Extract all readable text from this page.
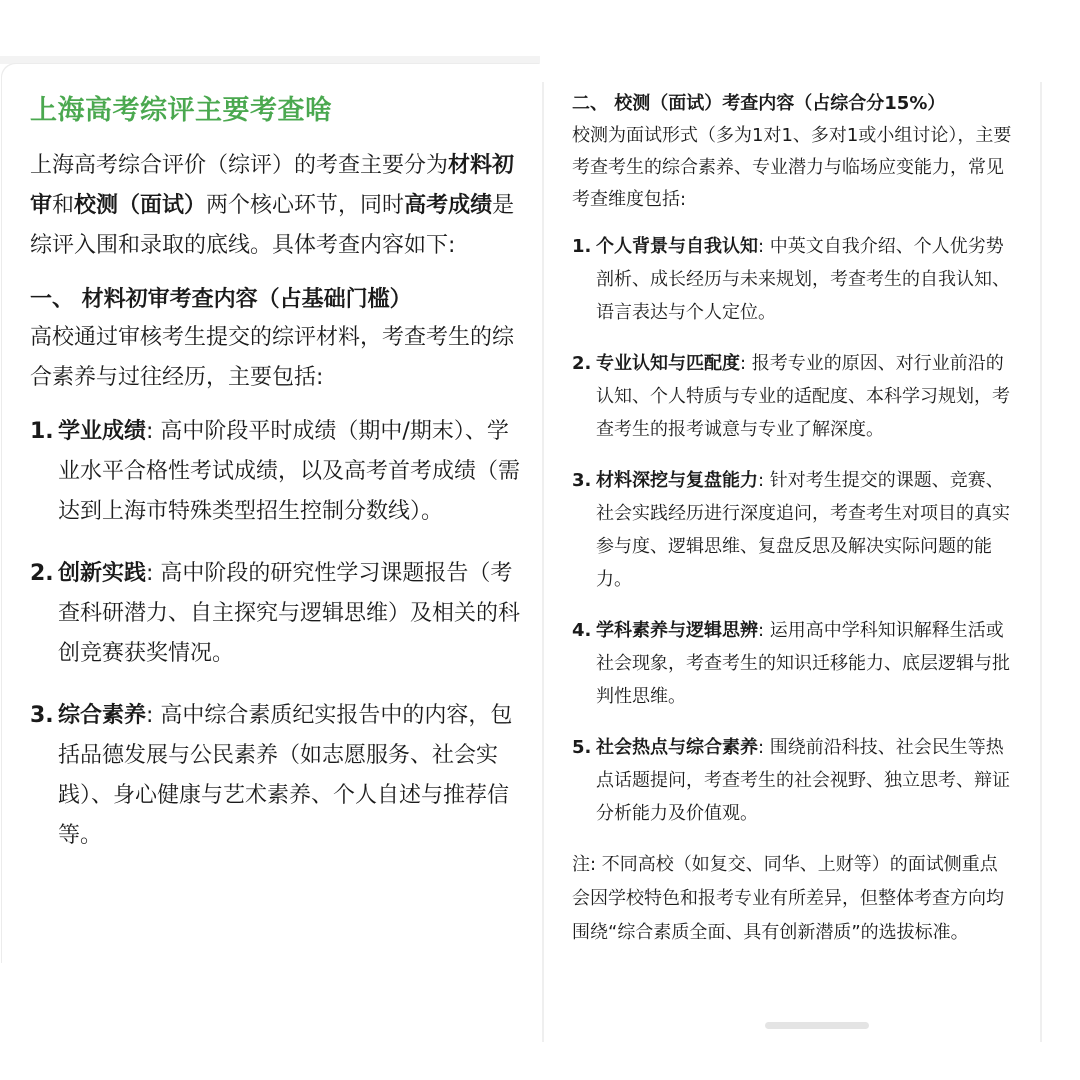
上海高考综评主要考查啥

上海高考综合评价（综评）的考查主要分为材料初审和校测（面试）两个核心环节，同时高考成绩是综评入围和录取的底线。具体考查内容如下:

一、 材料初审考查内容（占基础门槛）

高校通过审核考生提交的综评材料，考查考生的综合素养与过往经历，主要包括:

1. 学业成绩: 高中阶段平时成绩（期中/期末）、学业水平合格性考试成绩，以及高考首考成绩（需达到上海市特殊类型招生控制分数线）。
2. 创新实践: 高中阶段的研究性学习课题报告（考查科研潜力、自主探究与逻辑思维）及相关的科创竞赛获奖情况。
3. 综合素养: 高中综合素质纪实报告中的内容，包括品德发展与公民素养（如志愿服务、社会实践）、身心健康与艺术素养、个人自述与推荐信等。
二、 校测（面试）考查内容（占综合分15%）

校测为面试形式（多为1对1、多对1或小组讨论），主要考查考生的综合素养、专业潜力与临场应变能力，常见考查维度包括:

1. 个人背景与自我认知: 中英文自我介绍、个人优劣势剖析、成长经历与未来规划，考查考生的自我认知、语言表达与个人定位。
2. 专业认知与匹配度: 报考专业的原因、对行业前沿的认知、个人特质与专业的适配度、本科学习规划，考查考生的报考诚意与专业了解深度。
3. 材料深挖与复盘能力: 针对考生提交的课题、竞赛、社会实践经历进行深度追问，考查考生对项目的真实参与度、逻辑思维、复盘反思及解决实际问题的能力。
4. 学科素养与逻辑思辨: 运用高中学科知识解释生活或社会现象，考查考生的知识迁移能力、底层逻辑与批判性思维。
5. 社会热点与综合素养: 围绕前沿科技、社会民生等热点话题提问，考查考生的社会视野、独立思考、辩证分析能力及价值观。

注: 不同高校（如复交、同华、上财等）的面试侧重点会因学校特色和报考专业有所差异，但整体考查方向均围绕“综合素质全面、具有创新潜质”的选拔标准。
